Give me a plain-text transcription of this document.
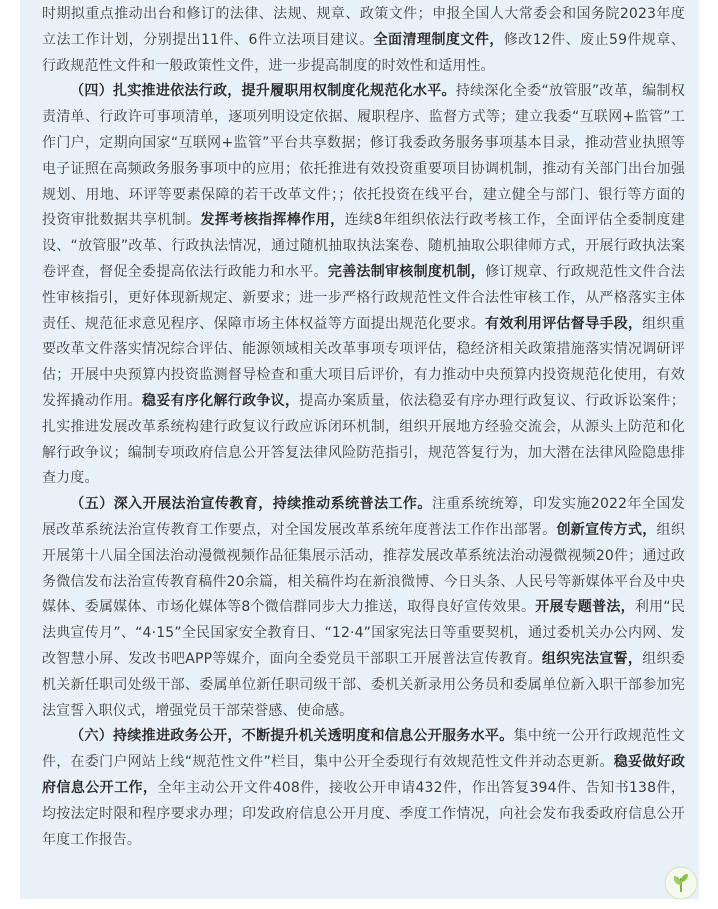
时期拟重点推动出台和修订的法律、法规、规章、政策文件；申报全国人大常委会和国务院2023年度立法工作计划，分别提出11件、6件立法项目建议。全面清理制度文件，修改12件、废止59件规章、行政规范性文件和一般政策性文件，进一步提高制度的时效性和适用性。

（四）扎实推进依法行政，提升履职用权制度化规范化水平。持续深化全委“放管服”改革，编制权责清单、行政许可事项清单，逐项列明设定依据、履职程序、监督方式等；建立我委“互联网+监管”工作门户，定期向国家“互联网+监管”平台共享数据；修订我委政务服务事项基本目录，推动营业执照等电子证照在高频政务服务事项中的应用；依托推进有效投资重要项目协调机制，推动有关部门出台加强规划、用地、环评等要素保障的若干改革文件；；依托投资在线平台，建立健全与部门、银行等方面的投资审批数据共享机制。发挥考核指挥棒作用，连续8年组织依法行政考核工作，全面评估全委制度建设、“放管服”改革、行政执法情况，通过随机抽取执法案卷、随机抽取公职律师方式，开展行政执法案卷评查，督促全委提高依法行政能力和水平。完善法制审核制度机制，修订规章、行政规范性文件合法性审核指引，更好体现新规定、新要求；进一步严格行政规范性文件合法性审核工作，从严格落实主体责任、规范征求意见程序、保障市场主体权益等方面提出规范化要求。有效利用评估督导手段，组织重要改革文件落实情况综合评估、能源领域相关改革事项专项评估，稳经济相关政策措施落实情况调研评估；开展中央预算内投资监测督导检查和重大项目后评价，有力推动中央预算内投资规范化使用，有效发挥撬动作用。稳妥有序化解行政争议，提高办案质量，依法稳妥有序办理行政复议、行政诉讼案件；扎实推进发展改革系统构建行政复议行政应诉闭环机制，组织开展地方经验交流会，从源头上防范和化解行政争议；编制专项政府信息公开答复法律风险防范指引，规范答复行为，加大潜在法律风险隐患排查力度。

（五）深入开展法治宣传教育，持续推动系统普法工作。注重系统统筹，印发实施2022年全国发展改革系统法治宣传教育工作要点，对全国发展改革系统年度普法工作作出部署。创新宣传方式，组织开展第十八届全国法治动漫微视频作品征集展示活动，推荐发展改革系统法治动漫微视频20件；通过政务微信发布法治宣传教育稿件20余篇，相关稿件均在新浪微博、今日头条、人民号等新媒体平台及中央媒体、委属媒体、市场化媒体等8个微信群同步大力推送，取得良好宣传效果。开展专题普法，利用“民法典宣传月”、“4·15”全民国家安全教育日、“12·4”国家宪法日等重要契机，通过委机关办公内网、发改智慧小屏、发改书吧APP等媒介，面向全委党员干部职工开展普法宣传教育。组织宪法宣誓，组织委机关新任职司处级干部、委属单位新任职司级干部、委机关新录用公务员和委属单位新入职干部参加宪法宣誓入职仪式，增强党员干部荣誉感、使命感。

（六）持续推进政务公开，不断提升机关透明度和信息公开服务水平。集中统一公开行政规范性文件，在委门户网站上线“规范性文件”栏目，集中公开全委现行有效规范性文件并动态更新。稳妥做好政府信息公开工作，全年主动公开文件408件，接收公开申请432件，作出答复394件、告知书138件，均按法定时限和程序要求办理；印发政府信息公开月度、季度工作情况，向社会发布我委政府信息公开年度工作报告。
